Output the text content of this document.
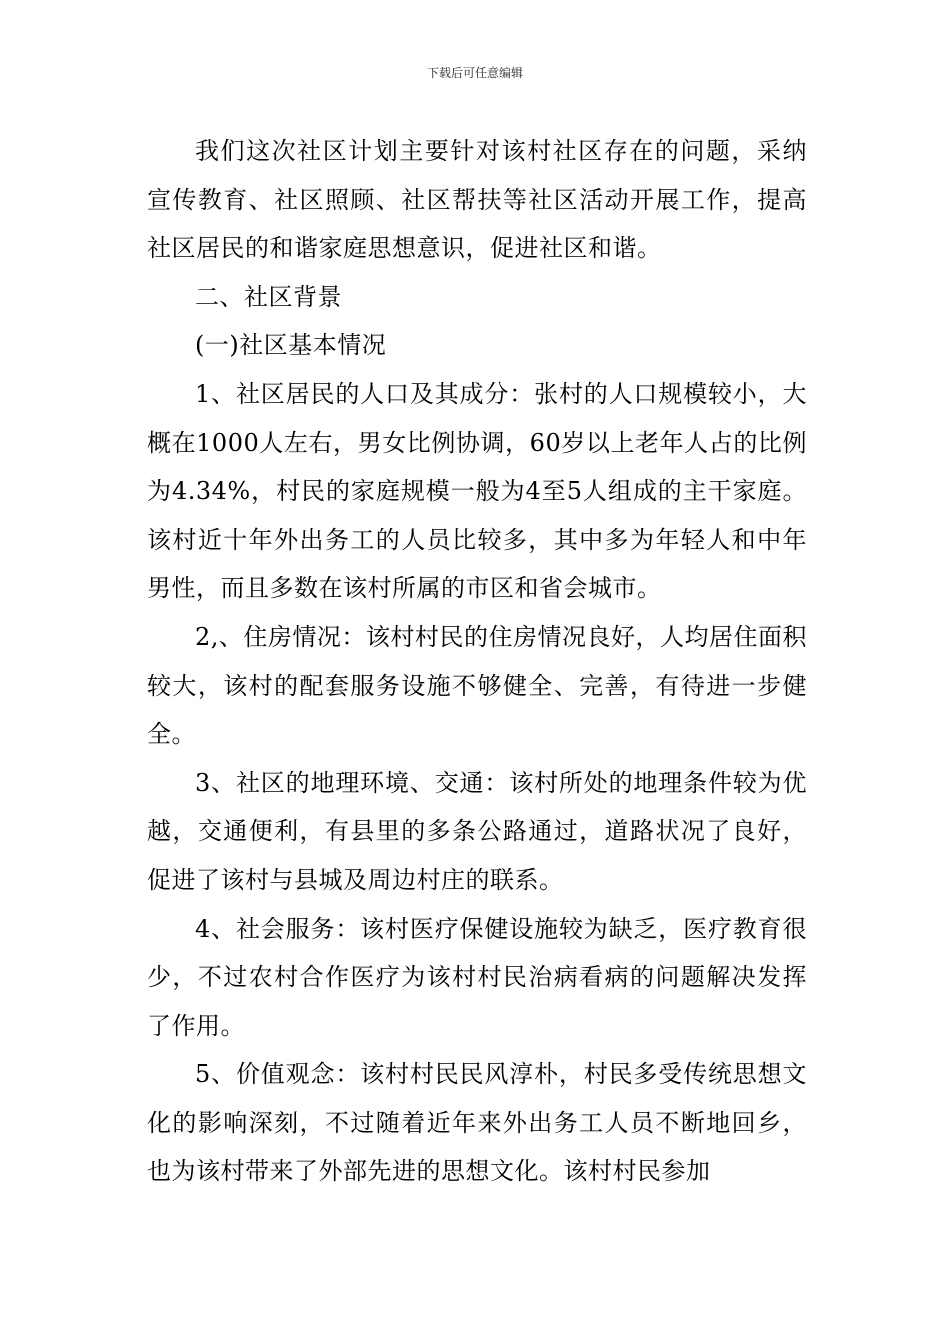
下载后可任意编辑

我们这次社区计划主要针对该村社区存在的问题，采纳宣传教育、社区照顾、社区帮扶等社区活动开展工作，提高社区居民的和谐家庭思想意识，促进社区和谐。

二、社区背景

(一)社区基本情况

1、社区居民的人口及其成分：张村的人口规模较小，大概在1000人左右，男女比例协调，60岁以上老年人占的比例为4.34%，村民的家庭规模一般为4至5人组成的主干家庭。该村近十年外出务工的人员比较多，其中多为年轻人和中年男性，而且多数在该村所属的市区和省会城市。

2,、住房情况：该村村民的住房情况良好，人均居住面积较大，该村的配套服务设施不够健全、完善，有待进一步健全。

3、社区的地理环境、交通：该村所处的地理条件较为优越，交通便利，有县里的多条公路通过，道路状况了良好，促进了该村与县城及周边村庄的联系。

4、社会服务：该村医疗保健设施较为缺乏，医疗教育很少，不过农村合作医疗为该村村民治病看病的问题解决发挥了作用。

5、价值观念：该村村民民风淳朴，村民多受传统思想文化的影响深刻，不过随着近年来外出务工人员不断地回乡，也为该村带来了外部先进的思想文化。该村村民参加
